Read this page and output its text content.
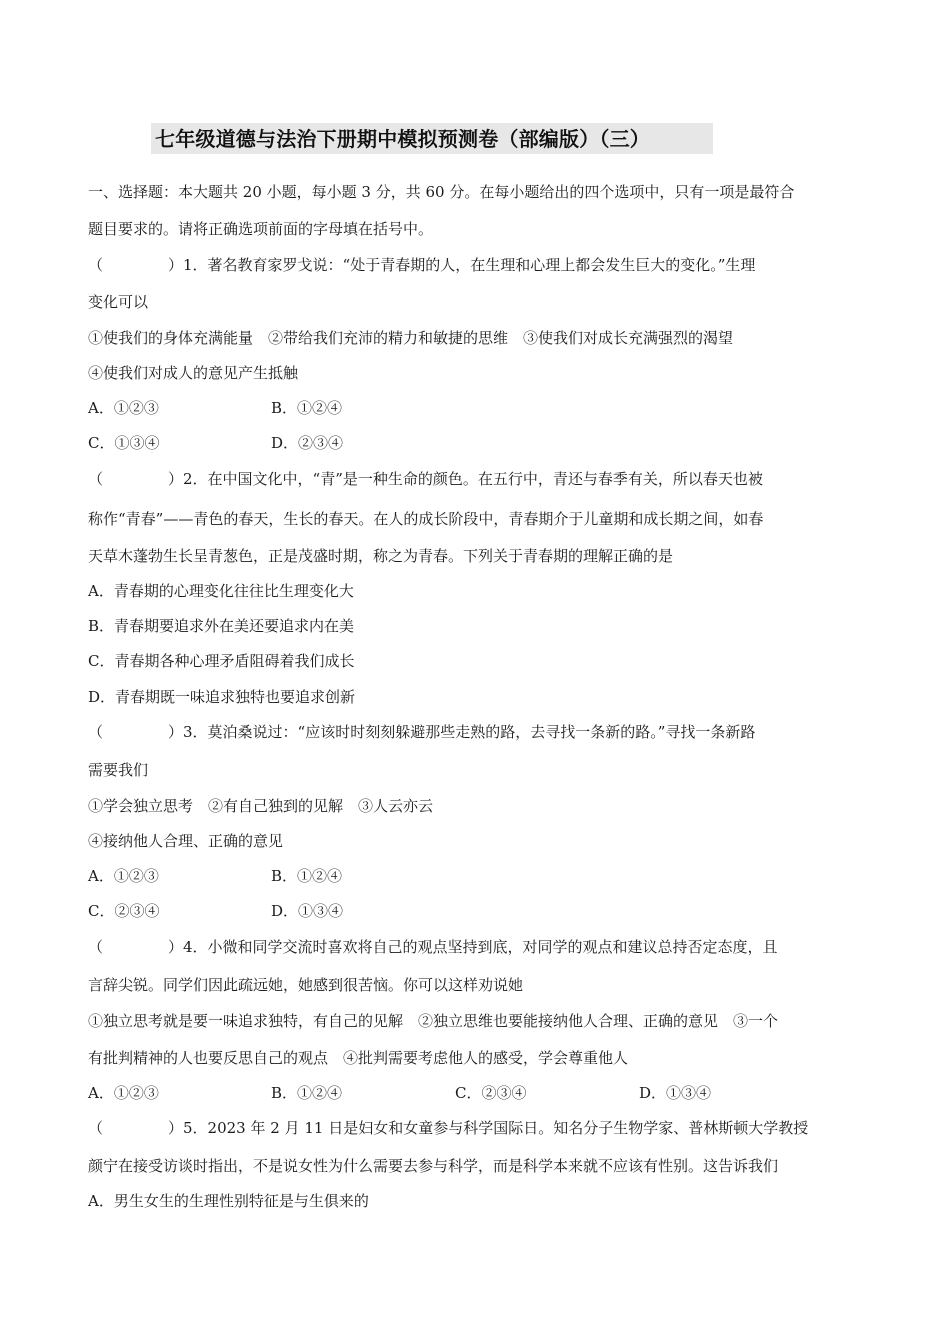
七年级道德与法治下册期中模拟预测卷（部编版）（三）
一、选择题：本大题共 20 小题，每小题 3 分，共 60 分。在每小题给出的四个选项中，只有一项是最符合
题目要求的。请将正确选项前面的字母填在括号中。
（	） 1．著名教育家罗戈说：“处于青春期的人，在生理和心理上都会发生巨大的变化。”生理
变化可以
①使我们的身体充满能量　②带给我们充沛的精力和敏捷的思维　③使我们对成长充满强烈的渴望
④使我们对成人的意见产生抵触
A．①②③	B．①②④
C．①③④	D．②③④
（	） 2．在中国文化中，“青”是一种生命的颜色。在五行中，青还与春季有关，所以春天也被
称作“青春”——青色的春天，生长的春天。在人的成长阶段中，青春期介于儿童期和成长期之间，如春
天草木蓬勃生长呈青葱色，正是茂盛时期，称之为青春。下列关于青春期的理解正确的是
A．青春期的心理变化往往比生理变化大
B．青春期要追求外在美还要追求内在美
C．青春期各种心理矛盾阻碍着我们成长
D．青春期既一味追求独特也要追求创新
（	） 3．莫泊桑说过：“应该时时刻刻躲避那些走熟的路，去寻找一条新的路。”寻找一条新路
需要我们
①学会独立思考　②有自己独到的见解　③人云亦云
④接纳他人合理、正确的意见
A．①②③	B．①②④
C．②③④	D．①③④
（	） 4．小微和同学交流时喜欢将自己的观点坚持到底，对同学的观点和建议总持否定态度，且
言辞尖锐。同学们因此疏远她，她感到很苦恼。你可以这样劝说她
①独立思考就是要一味追求独特，有自己的见解　②独立思维也要能接纳他人合理、正确的意见　③一个
有批判精神的人也要反思自己的观点　④批判需要考虑他人的感受，学会尊重他人
A．①②③	B．①②④	C．②③④	D．①③④
（	） 5．2023 年 2 月 11 日是妇女和女童参与科学国际日。知名分子生物学家、普林斯顿大学教授
颜宁在接受访谈时指出，不是说女性为什么需要去参与科学，而是科学本来就不应该有性别。这告诉我们
A．男生女生的生理性别特征是与生俱来的
